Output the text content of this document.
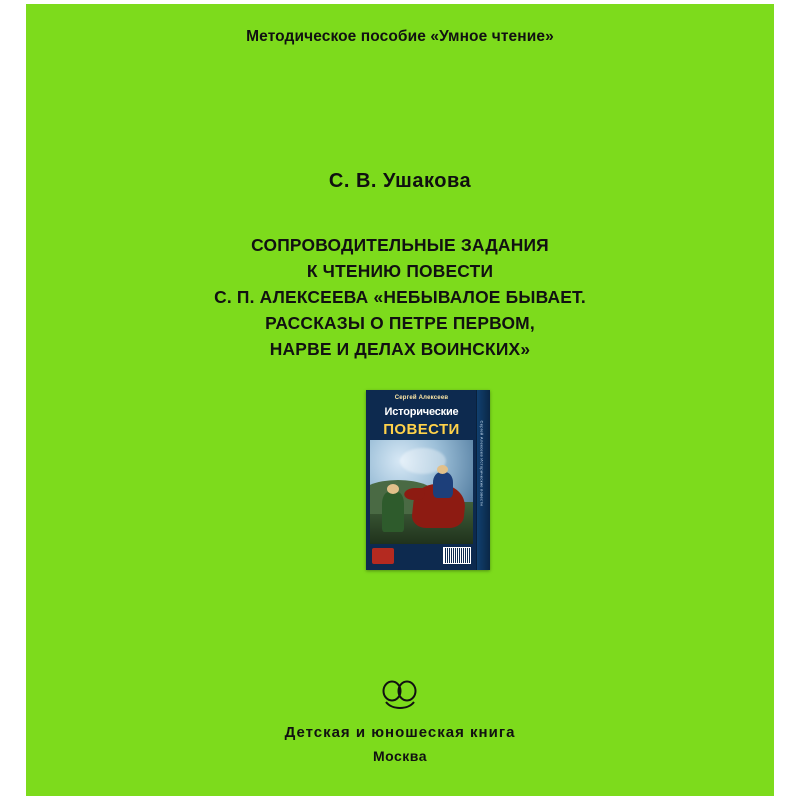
Методическое пособие «Умное чтение»
С. В. Ушакова
СОПРОВОДИТЕЛЬНЫЕ ЗАДАНИЯ
К ЧТЕНИЮ ПОВЕСТИ
С. П. АЛЕКСЕЕВА «НЕБЫВАЛОЕ БЫВАЕТ.
РАССКАЗЫ О ПЕТРЕ ПЕРВОМ,
НАРВЕ И ДЕЛАХ ВОИНСКИХ»
Сергей Алексеев
Исторические
ПОВЕСТИ	Сергей Алексеев Исторические повести
Детская и юношеская книга
Москва
